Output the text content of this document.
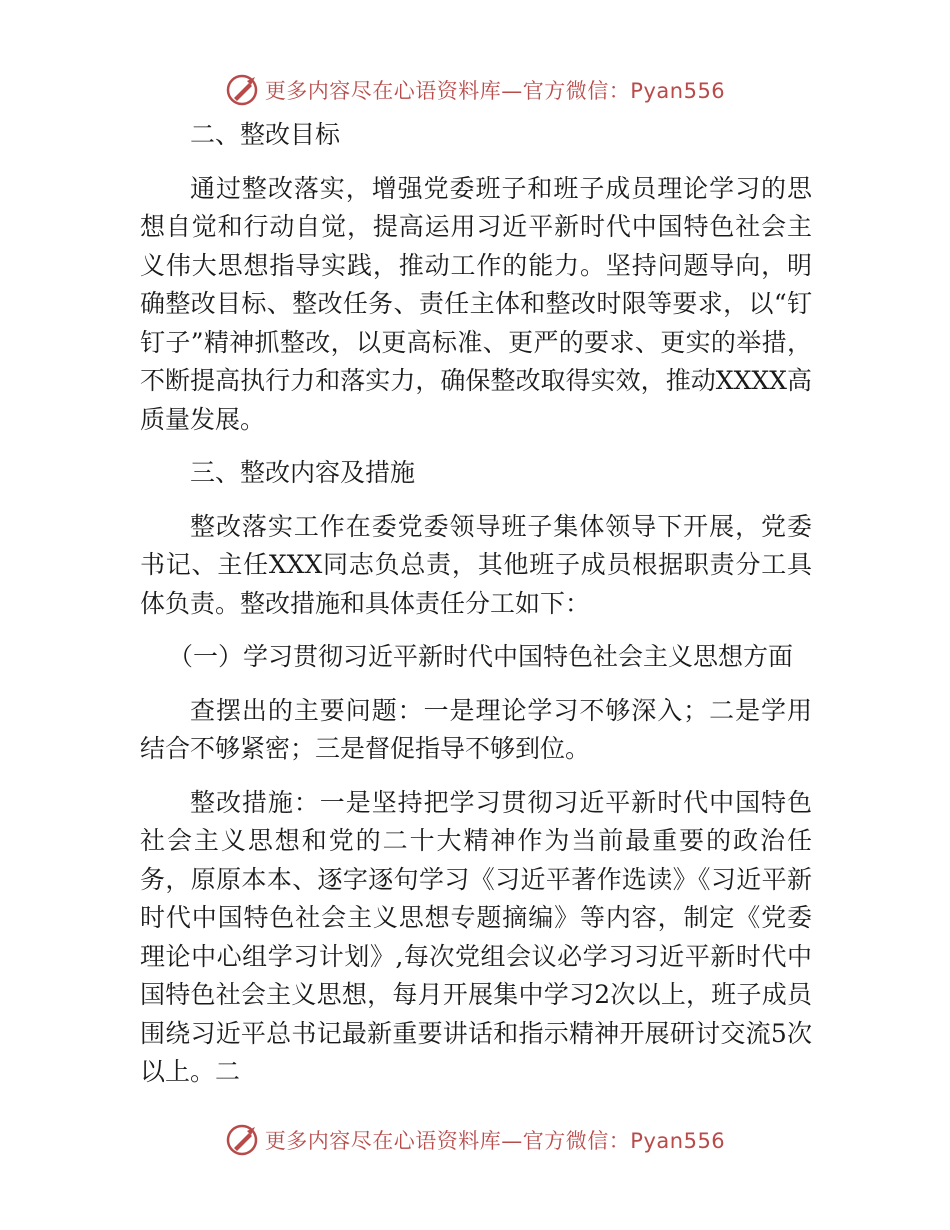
更多内容尽在心语资料库—官方微信：Pyan556

二、整改目标

通过整改落实，增强党委班子和班子成员理论学习的思想自觉和行动自觉，提高运用习近平新时代中国特色社会主义伟大思想指导实践，推动工作的能力。坚持问题导向，明确整改目标、整改任务、责任主体和整改时限等要求，以“钉钉子”精神抓整改，以更高标准、更严的要求、更实的举措，不断提高执行力和落实力，确保整改取得实效，推动XXXX高质量发展。

三、整改内容及措施

整改落实工作在委党委领导班子集体领导下开展，党委书记、主任XXX同志负总责，其他班子成员根据职责分工具体负责。整改措施和具体责任分工如下：

（一）学习贯彻习近平新时代中国特色社会主义思想方面

查摆出的主要问题：一是理论学习不够深入；二是学用结合不够紧密；三是督促指导不够到位。

整改措施：一是坚持把学习贯彻习近平新时代中国特色社会主义思想和党的二十大精神作为当前最重要的政治任务，原原本本、逐字逐句学习《习近平著作选读》《习近平新时代中国特色社会主义思想专题摘编》等内容，制定《党委理论中心组学习计划》,每次党组会议必学习习近平新时代中国特色社会主义思想，每月开展集中学习2次以上，班子成员围绕习近平总书记最新重要讲话和指示精神开展研讨交流5次以上。二

更多内容尽在心语资料库—官方微信：Pyan556
